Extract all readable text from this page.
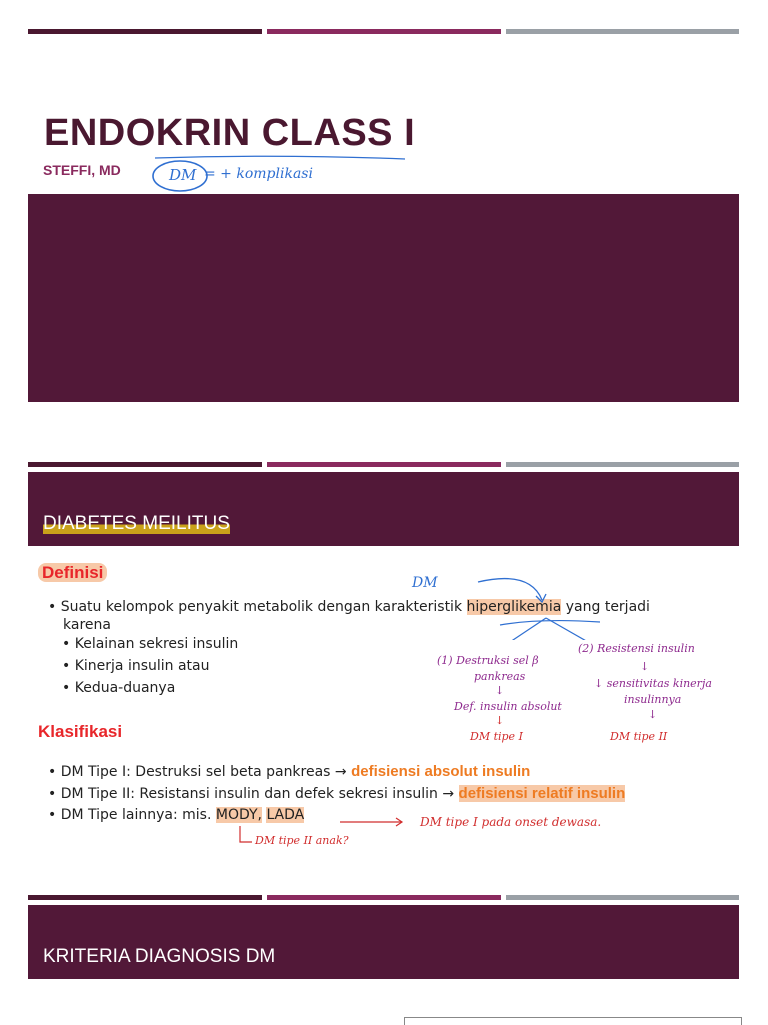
ENDOKRIN CLASS I
STEFFI, MD	DM = + komplikasi
DIABETES MEILITUS
Definisi
• Suatu kelompok penyakit metabolik dengan karakteristik hiperglikemia yang terjadi
karena
• Kelainan sekresi insulin
• Kinerja insulin atau
• Kedua-duanya
DM
(1) Destruksi sel β
pankreas
↓
Def. insulin absolut
↓
DM tipe I
(2) Resistensi insulin
↓
↓ sensitivitas kinerja
insulinnya
↓
DM tipe II
Klasifikasi
• DM Tipe I: Destruksi sel beta pankreas → defisiensi absolut insulin
• DM Tipe II: Resistansi insulin dan defek sekresi insulin → defisiensi relatif insulin
• DM Tipe lainnya: mis. MODY, LADA	DM tipe I pada onset dewasa.
DM tipe II anak?
KRITERIA DIAGNOSIS DM
